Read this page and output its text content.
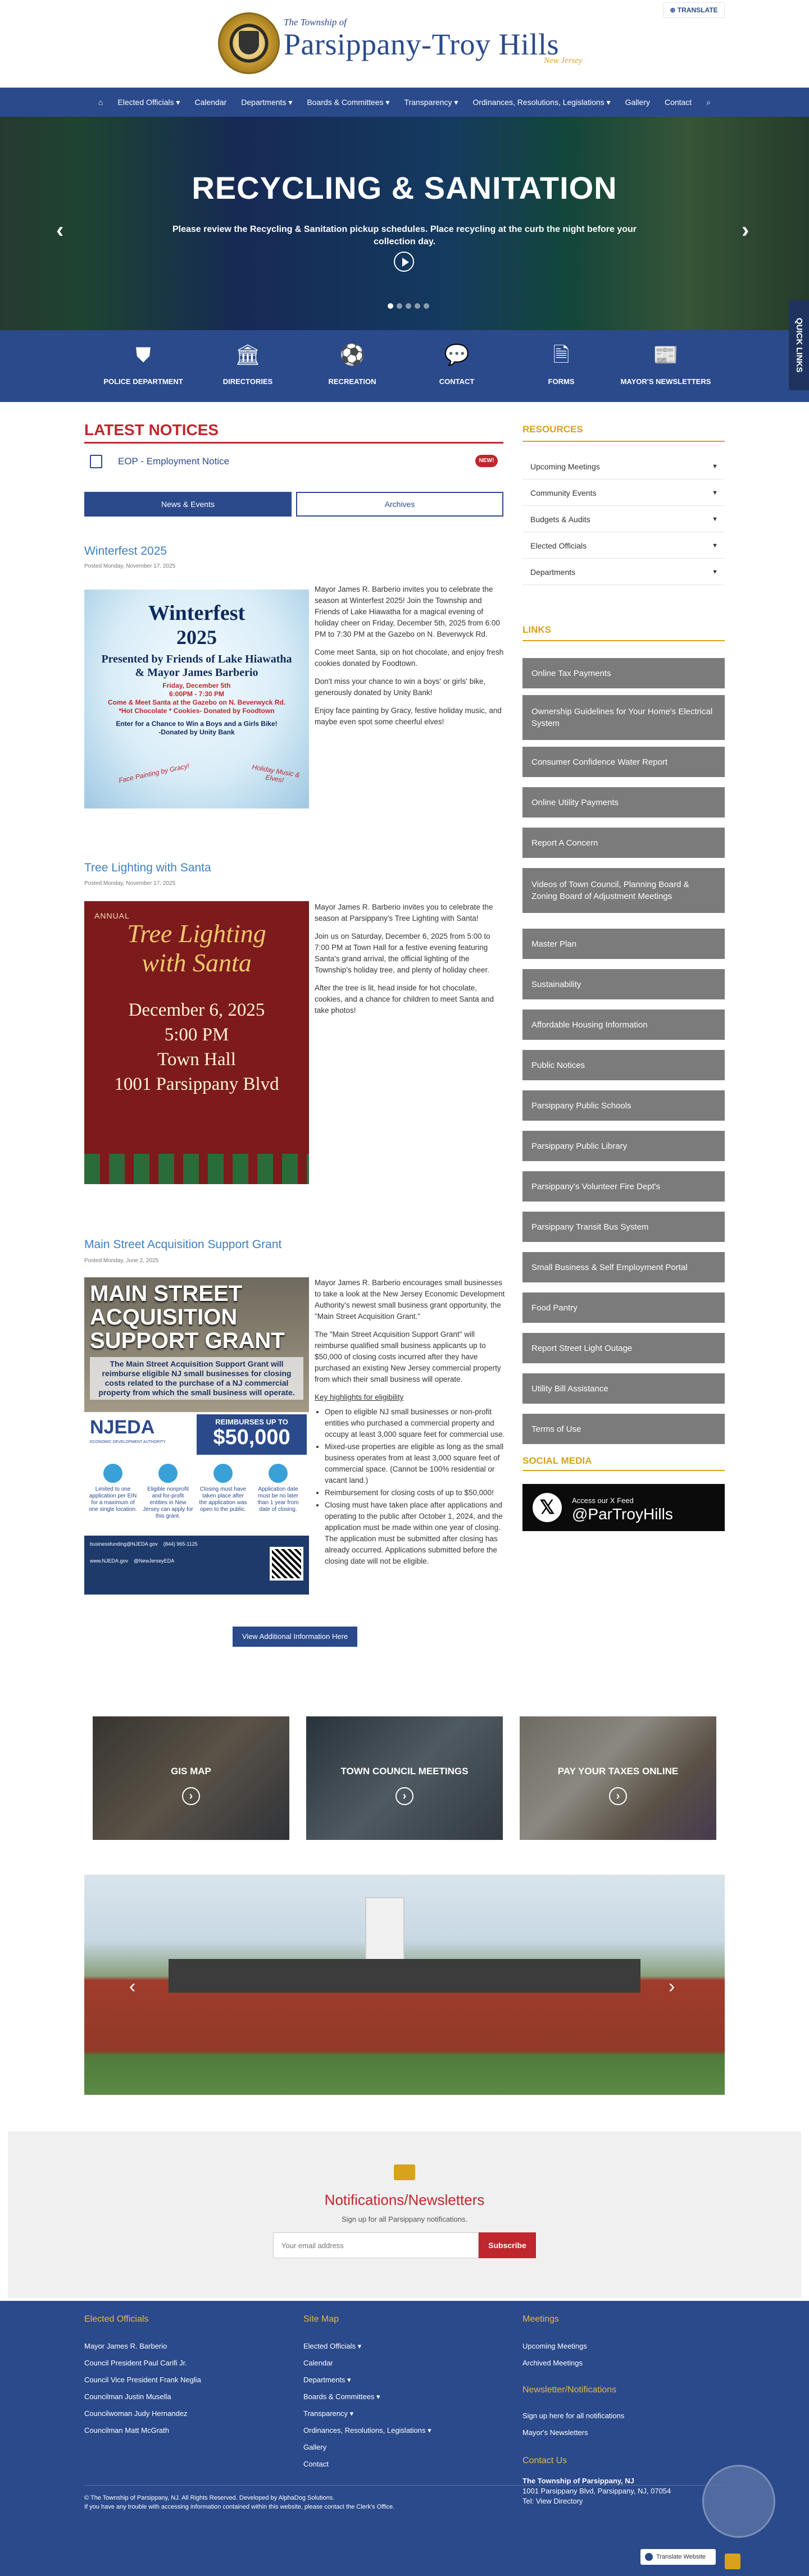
The Township of
Parsippany-Troy Hills
New Jersey
⊕ TRANSLATE
⌂	Elected Officials ▾	Calendar	Departments ▾	Boards & Committees ▾	Transparency ▾	Ordinances, Resolutions, Legislations ▾	Gallery	Contact	⌕
RECYCLING & SANITATION
Please review the Recycling & Sanitation pickup schedules. Place recycling at the curb the night before your collection day.
‹	›
⛊
POLICE DEPARTMENT
🏛
DIRECTORIES
⚽
RECREATION
💬
CONTACT
🗎
FORMS
📰
MAYOR'S NEWSLETTERS
QUICK LINKS
LATEST NOTICES
EOP - Employment Notice	NEW!
News & Events	Archives
Winterfest 2025
Posted Monday, November 17, 2025
Winterfest
2025
Presented by Friends of Lake Hiawatha
& Mayor James Barberio
Friday, December 5th
6:00PM - 7:30 PM
Come & Meet Santa at the Gazebo on N. Beverwyck Rd.
*Hot Chocolate * Cookies- Donated by Foodtown
Enter for a Chance to Win a Boys and a Girls Bike!
-Donated by Unity Bank
Face Painting by Gracy!	Holiday Music & Elves!

Mayor James R. Barberio invites you to celebrate the season at Winterfest 2025! Join the Township and Friends of Lake Hiawatha for a magical evening of holiday cheer on Friday, December 5th, 2025 from 6:00 PM to 7:30 PM at the Gazebo on N. Beverwyck Rd.

Come meet Santa, sip on hot chocolate, and enjoy fresh cookies donated by Foodtown.

Don't miss your chance to win a boys' or girls' bike, generously donated by Unity Bank!

Enjoy face painting by Gracy, festive holiday music, and maybe even spot some cheerful elves!

Tree Lighting with Santa
Posted Monday, November 17, 2025
ANNUAL
Tree Lighting
with Santa
December 6, 2025
5:00 PM
Town Hall
1001 Parsippany Blvd

Mayor James R. Barberio invites you to celebrate the season at Parsippany's Tree Lighting with Santa!

Join us on Saturday, December 6, 2025 from 5:00 to 7:00 PM at Town Hall for a festive evening featuring Santa's grand arrival, the official lighting of the Township's holiday tree, and plenty of holiday cheer.

After the tree is lit, head inside for hot chocolate, cookies, and a chance for children to meet Santa and take photos!

Main Street Acquisition Support Grant
Posted Monday, June 2, 2025
MAIN STREET
ACQUISITION
SUPPORT GRANT
The Main Street Acquisition Support Grant will reimburse eligible NJ small businesses for closing costs related to the purchase of a NJ commercial property from which the small business will operate.
NJEDA
ECONOMIC DEVELOPMENT AUTHORITY
REIMBURSES UP TO
$50,000
Limited to one application per EIN for a maximum of one single location.
Eligible nonprofit and for-profit entities in New Jersey can apply for this grant.
Closing must have taken place after the application was open to the public.
Application date must be no later than 1 year from date of closing.
businessfunding@NJEDA.gov (844) 965-1125
www.NJEDA.gov @NewJerseyEDA

Mayor James R. Barberio encourages small businesses to take a look at the New Jersey Economic Development Authority's newest small business grant opportunity, the "Main Street Acquisition Grant."

The "Main Street Acquisition Support Grant" will reimburse qualified small business applicants up to $50,000 of closing costs incurred after they have purchased an existing New Jersey commercial property from which their small business will operate.

Key highlights for eligibility

• Open to eligible NJ small businesses or non-profit entities who purchased a commercial property and occupy at least 3,000 square feet for commercial use.
• Mixed-use properties are eligible as long as the small business operates from at least 3,000 square feet of commercial space. (Cannot be 100% residential or vacant land.)
• Reimbursement for closing costs of up to $50,000!
• Closing must have taken place after applications and operating to the public after October 1, 2024, and the application must be made within one year of closing. The application must be submitted after closing has already occurred. Applications submitted before the closing date will not be eligible.
View Additional Information Here
RESOURCES
Upcoming Meetings	▼
Community Events	▼
Budgets & Audits	▼
Elected Officials	▼
Departments	▼
LINKS
Online Tax Payments
Ownership Guidelines for Your Home's Electrical System
Consumer Confidence Water Report
Online Utility Payments
Report A Concern
Videos of Town Council, Planning Board & Zoning Board of Adjustment Meetings
Master Plan
Sustainability
Affordable Housing Information
Public Notices
Parsippany Public Schools
Parsippany Public Library
Parsippany's Volunteer Fire Dept's
Parsippany Transit Bus System
Small Business & Self Employment Portal
Food Pantry
Report Street Light Outage
Utility Bill Assistance
Terms of Use
SOCIAL MEDIA
𝕏	Access our X Feed
@ParTroyHills
GIS MAP
›
TOWN COUNCIL MEETINGS
›
PAY YOUR TAXES ONLINE
›
‹	›
Notifications/Newsletters
Sign up for all Parsippany notifications.
Your email address
Subscribe
Elected Officials
Mayor James R. Barberio
Council President Paul Carifi Jr.
Council Vice President Frank Neglia
Councilman Justin Musella
Councilwoman Judy Hernandez
Councilman Matt McGrath
Site Map
Elected Officials ▾
Calendar
Departments ▾
Boards & Committees ▾
Transparency ▾
Ordinances, Resolutions, Legislations ▾
Gallery
Contact
Meetings
Upcoming Meetings
Archived Meetings
Newsletter/Notifications
Sign up here for all notifications
Mayor's Newsletters
Contact Us
The Township of Parsippany, NJ
1001 Parsippany Blvd, Parsippany, NJ, 07054
Tel: View Directory
© The Township of Parsippany, NJ. All Rights Reserved. Developed by AlphaDog Solutions.
If you have any trouble with accessing information contained within this website, please contact the Clerk's Office.
Translate Website
